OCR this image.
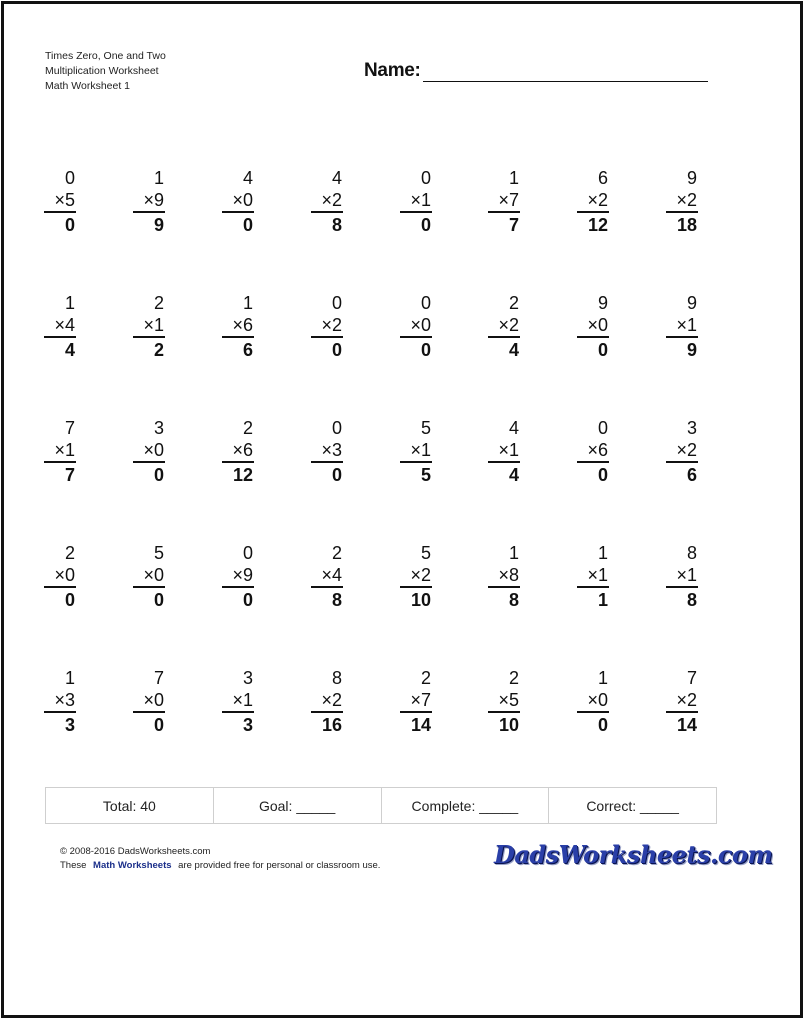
Times Zero, One and Two
Multiplication Worksheet
Math Worksheet 1
Name:
0
×5
0
1
×9
9
4
×0
0
4
×2
8
0
×1
0
1
×7
7
6
×2
12
9
×2
18
1
×4
4
2
×1
2
1
×6
6
0
×2
0
0
×0
0
2
×2
4
9
×0
0
9
×1
9
7
×1
7
3
×0
0
2
×6
12
0
×3
0
5
×1
5
4
×1
4
0
×6
0
3
×2
6
2
×0
0
5
×0
0
0
×9
0
2
×4
8
5
×2
10
1
×8
8
1
×1
1
8
×1
8
1
×3
3
7
×0
0
3
×1
3
8
×2
16
2
×7
14
2
×5
10
1
×0
0
7
×2
14
Total: 40	Goal: _____	Complete: _____	Correct: _____
© 2008-2016 DadsWorksheets.com
These Math Worksheets are provided free for personal or classroom use.	DadsWorksheets.com
